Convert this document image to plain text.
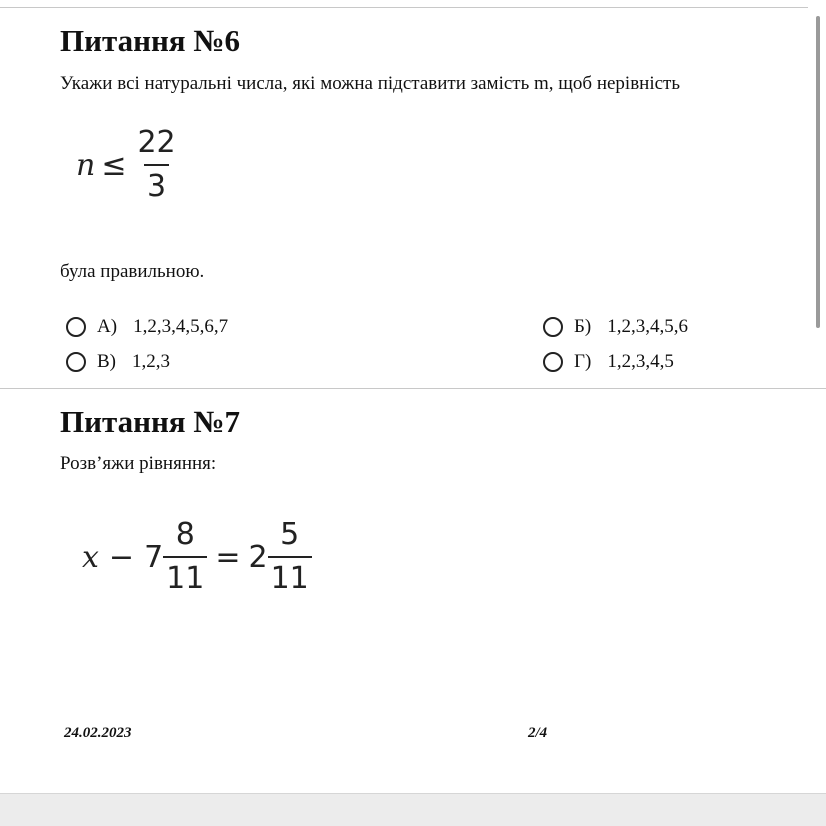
Питання №6
Укажи всі натуральні числа, які можна підставити замість m, щоб нерівність
$n \le \frac{22}{3}$
була правильною.
А) 1,2,3,4,5,6,7	Б) 1,2,3,4,5,6
В) 1,2,3	Г) 1,2,3,4,5
Питання №7
Розв’яжи рівняння:
$x - 7 \frac{8}{11} = 2 \frac{5}{11}$
24.02.2023	2/4
